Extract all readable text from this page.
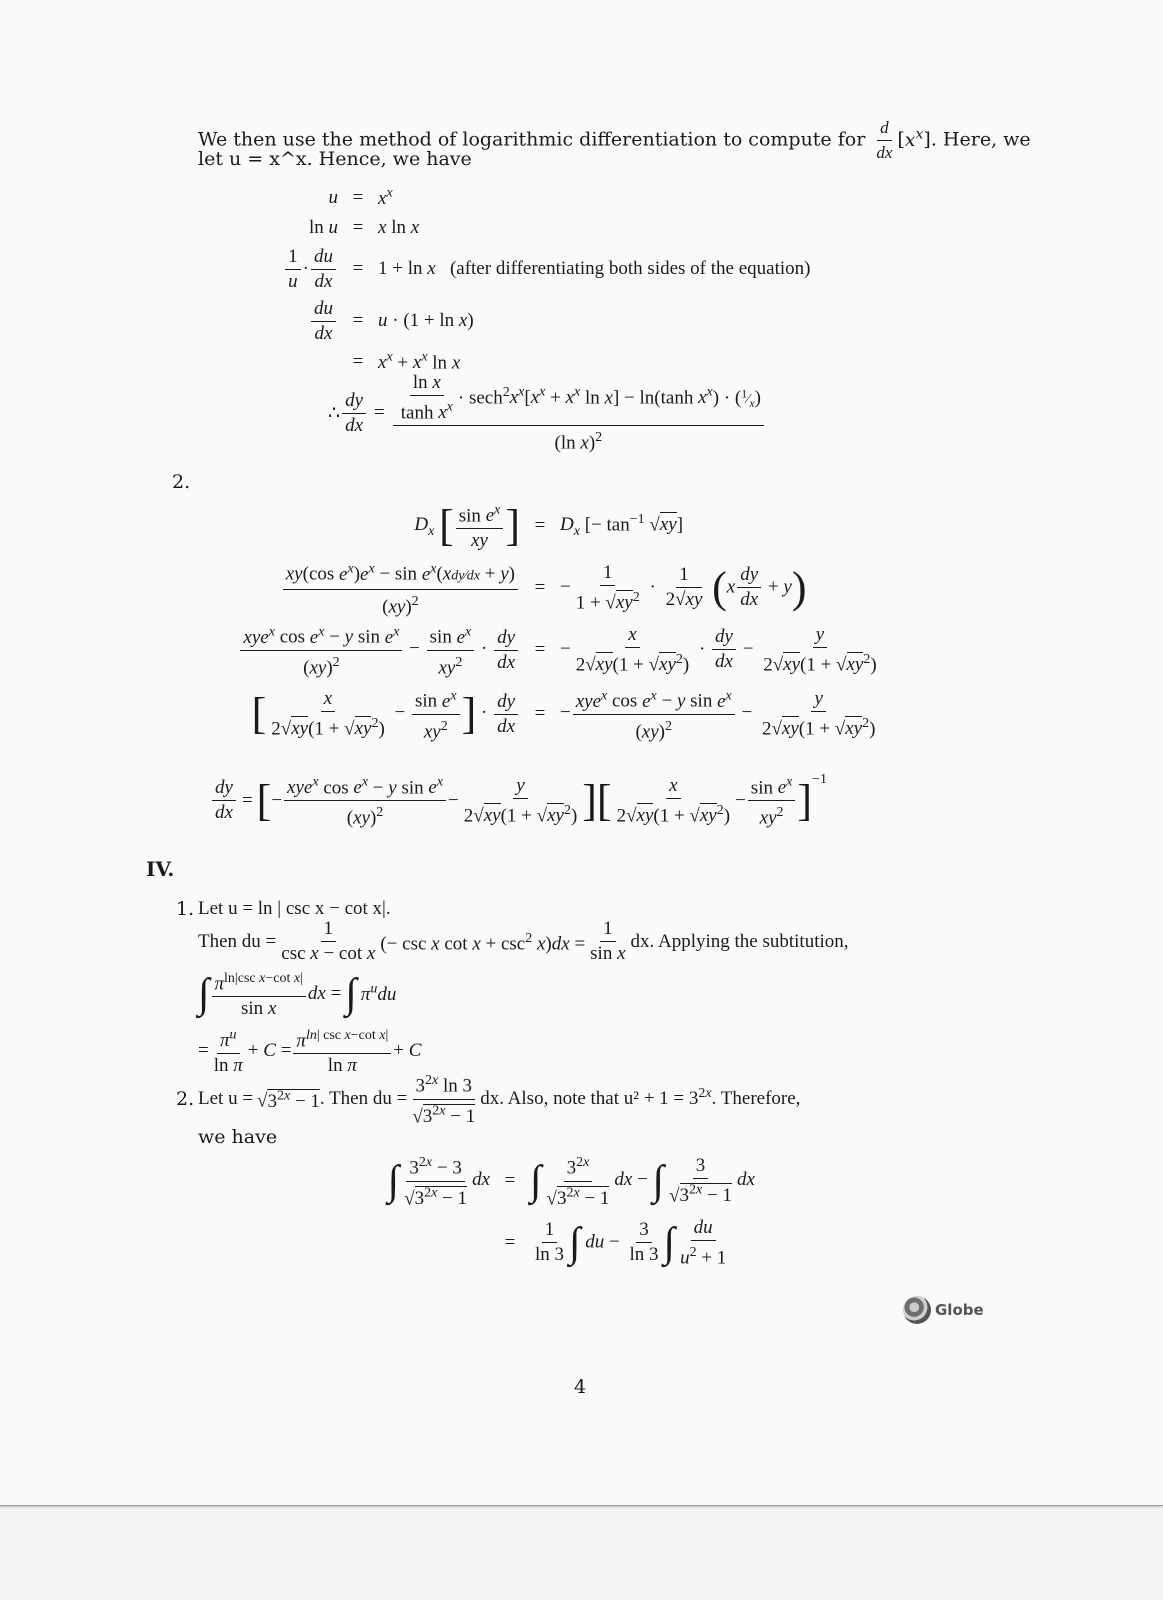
We then use the method of logarithmic differentiation to compute for $\frac{d}{dx} [x^x]$. Here, we
let u = x^x. Hence, we have
$u = x^x$
ln u = x ln x
$\frac{1}{u} \cdot \frac{du}{dx} = 1 + \ln x$ (after differentiating both sides of the equation)
$\frac{du}{dx} = u \cdot (1 + \ln x)$
= $x^x + x^x$ ln x
∴ $\frac{dy}{dx} = \frac{\text{ln x}}{\tanh x^x} \cdot \sec h^2x^x[x^x + x^x$ ln x] − ln(tanh $x^x$) · $(^1⁄_x)$
(ln x)$^2$
2.
$D_x$ [ $\frac{\sin e^x}{xy}$ ] = $D_x$ [− $\tan^{-1} √xy$]
$\frac{xy(\cos e^x)e^x - \sin e^x(xdy⁄dx + y)}{(xy)^2}$ = − $\frac{1}{1 + √xy^2} \cdot \frac{1}{2√xy} (x \frac{dy}{dx} + y)$
$\frac{xye^x \cos e^x - y \sin e^x}{(xy)^2} - \frac{\sin e^x}{xy^2} \cdot \frac{dy}{dx}$ = − $\frac{x}{2√xy(1 + √xy^2)} \cdot \frac{dy}{dx} - \frac{y}{2√xy(1 + √xy^2)}$
[ $\frac{x}{2√xy(1 + √xy^2)} - \frac{\sin e^x}{xy^2}$ ] · $\frac{dy}{dx}$ = − $\frac{xye^x \cos e^x - y \sin e^x}{(xy)^2} - \frac{y}{2√xy(1 + √xy^2)}$
$\frac{dy}{dx}$ = [ − $\frac{xye^x \cos e^x - y \sin e^x}{(xy)^2} - \frac{y}{2√xy(1 + √xy^2)}$ ] [ $\frac{x}{2√xy(1 + √xy^2)} - \frac{\sin e^x}{xy^2} ]^{-1}$
IV.
1. Let u = ln | csc x − cot x|.
Then du = $\frac{1}{\text{csc x − cot x}}$ (− csc x $\cot x + \csc^2 x)dx = \frac{1}{\text{sin x}}$ dx. Applying the subtitution,
∫ $\frac{\pi^{ln|csc x-cot x|}}{\text{sin x}}$ dx = ∫ $\pi^udu$
= $\frac{\pi^u}{\text{ln π}} + C = \frac{\pi^{ln| csc x-cot x|}}{\text{ln π}} + C$
2. Let $u = √3^{2x} - 1$ . Then du = $\frac{3^{2x} \ln 3}{√3^{2x} - 1}$ dx. Also, note that $u^2 + 1 = 3^{2x}$ . Therefore,
we have
∫ $\frac{3^{2x} - 3}{√3^{2x} - 1}$ dx = ∫ $\frac{3^{2x}}{√3^{2x} - 1}$ dx − ∫ $\frac{3}{√3^{2x} - 1}$ dx
= $\frac{1}{\ln 3}$ ∫ du − $\frac{3}{\ln 3}$ ∫ $\frac{du}{u^2 + 1}$
Globe
4
